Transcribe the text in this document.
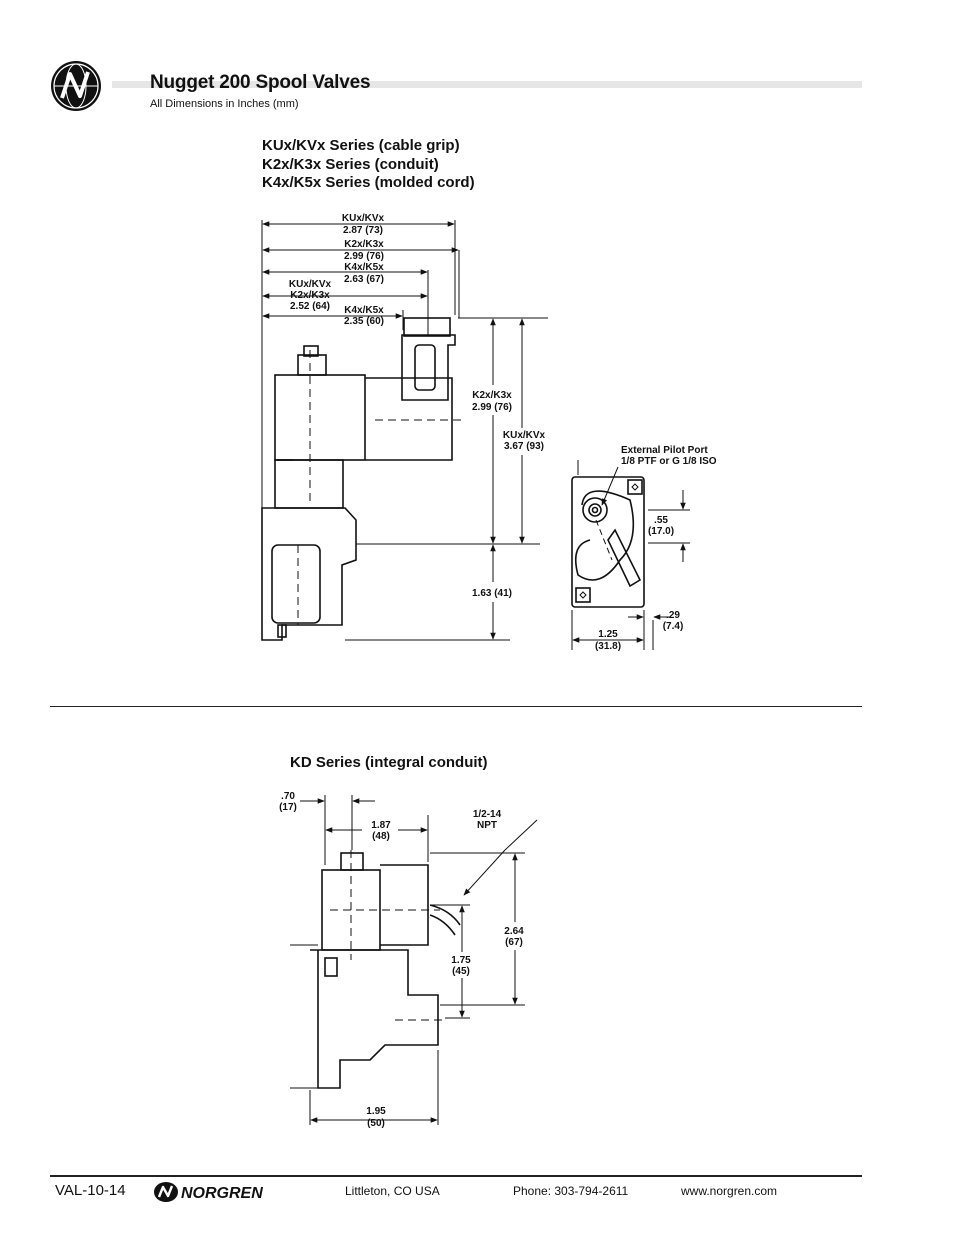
Nugget 200 Spool Valves
All Dimensions in Inches (mm)
KUx/KVx Series (cable grip)
K2x/K3x Series (conduit)
K4x/K5x Series (molded cord)
KUx/KVx
2.87 (73)
K2x/K3x
2.99 (76)
K4x/K5x
2.63 (67)
KUx/KVx
K2x/K3x
2.52 (64) K4x/K5x
2.35 (60)
K2x/K3x
2.99 (76)
KUx/KVx
3.67 (93)
1.63 (41)
External Pilot Port
1/8 PTF or G 1/8 ISO
.55
(17.0)
.29
(7.4)
1.25
(31.8)
.70
(17)
1.87
(48)
1/2-14
NPT
2.64
(67)
1.75
(45)
1.95
(50)
KD Series (integral conduit)
VAL-10-14	NORGREN	Littleton, CO USA	Phone: 303-794-2611	www.norgren.com
